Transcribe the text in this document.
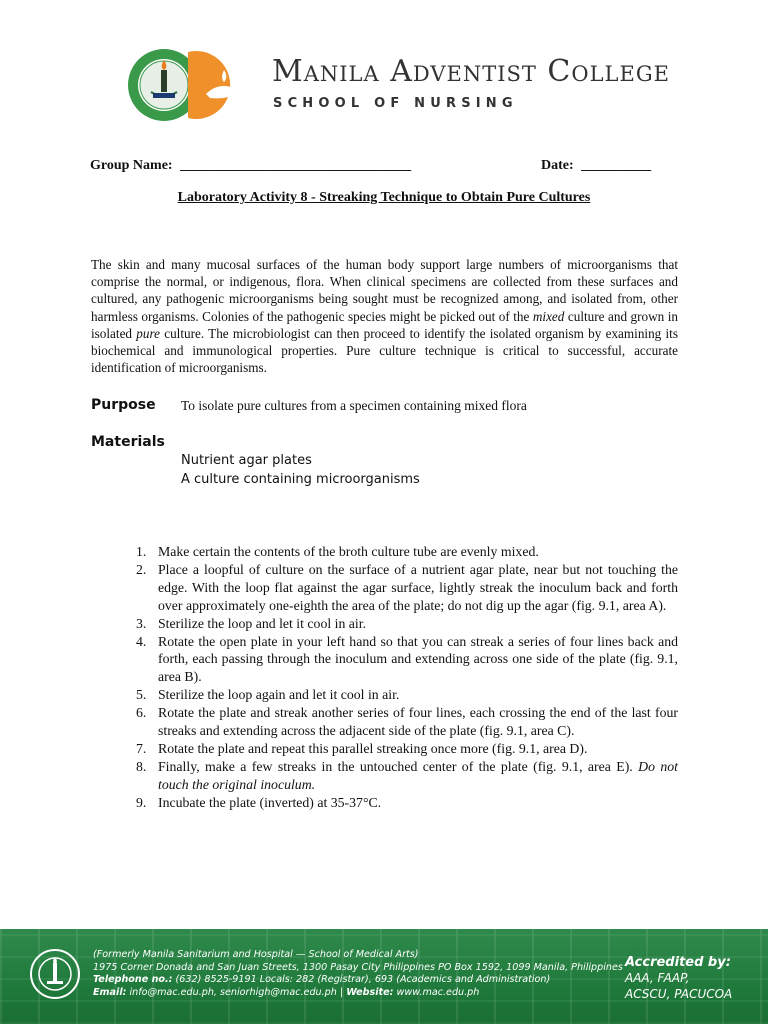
Manila Adventist College
SCHOOL OF NURSING
Group Name: _________________________________	Date: __________
Laboratory Activity 8 - Streaking Technique to Obtain Pure Cultures
The skin and many mucosal surfaces of the human body support large numbers of microorganisms that comprise the normal, or indigenous, flora. When clinical specimens are collected from these surfaces and cultured, any pathogenic microorganisms being sought must be recognized among, and isolated from, other harmless organisms. Colonies of the pathogenic species might be picked out of the mixed culture and grown in isolated pure culture. The microbiologist can then proceed to identify the isolated organism by examining its biochemical and immunological properties. Pure culture technique is critical to successful, accurate identification of microorganisms.
Purpose To isolate pure cultures from a specimen containing mixed flora
Materials
Nutrient agar plates
A culture containing microorganisms
1. Make certain the contents of the broth culture tube are evenly mixed.
2. Place a loopful of culture on the surface of a nutrient agar plate, near but not touching the edge. With the loop flat against the agar surface, lightly streak the inoculum back and forth over approximately one-eighth the area of the plate; do not dig up the agar (fig. 9.1, area A).
3. Sterilize the loop and let it cool in air.
4. Rotate the open plate in your left hand so that you can streak a series of four lines back and forth, each passing through the inoculum and extending across one side of the plate (fig. 9.1, area B).
5. Sterilize the loop again and let it cool in air.
6. Rotate the plate and streak another series of four lines, each crossing the end of the last four streaks and extending across the adjacent side of the plate (fig. 9.1, area C).
7. Rotate the plate and repeat this parallel streaking once more (fig. 9.1, area D).
8. Finally, make a few streaks in the untouched center of the plate (fig. 9.1, area E). Do not touch the original inoculum.
9. Incubate the plate (inverted) at 35-37°C.
(Formerly Manila Sanitarium and Hospital — School of Medical Arts)
1975 Corner Donada and San Juan Streets, 1300 Pasay City Philippines PO Box 1592, 1099 Manila, Philippines
Telephone no.: (632) 8525-9191 Locals: 282 (Registrar), 693 (Academics and Administration)
Email: info@mac.edu.ph, seniorhigh@mac.edu.ph | Website: www.mac.edu.ph
Accredited by:
AAA, FAAP,
ACSCU, PACUCOA
